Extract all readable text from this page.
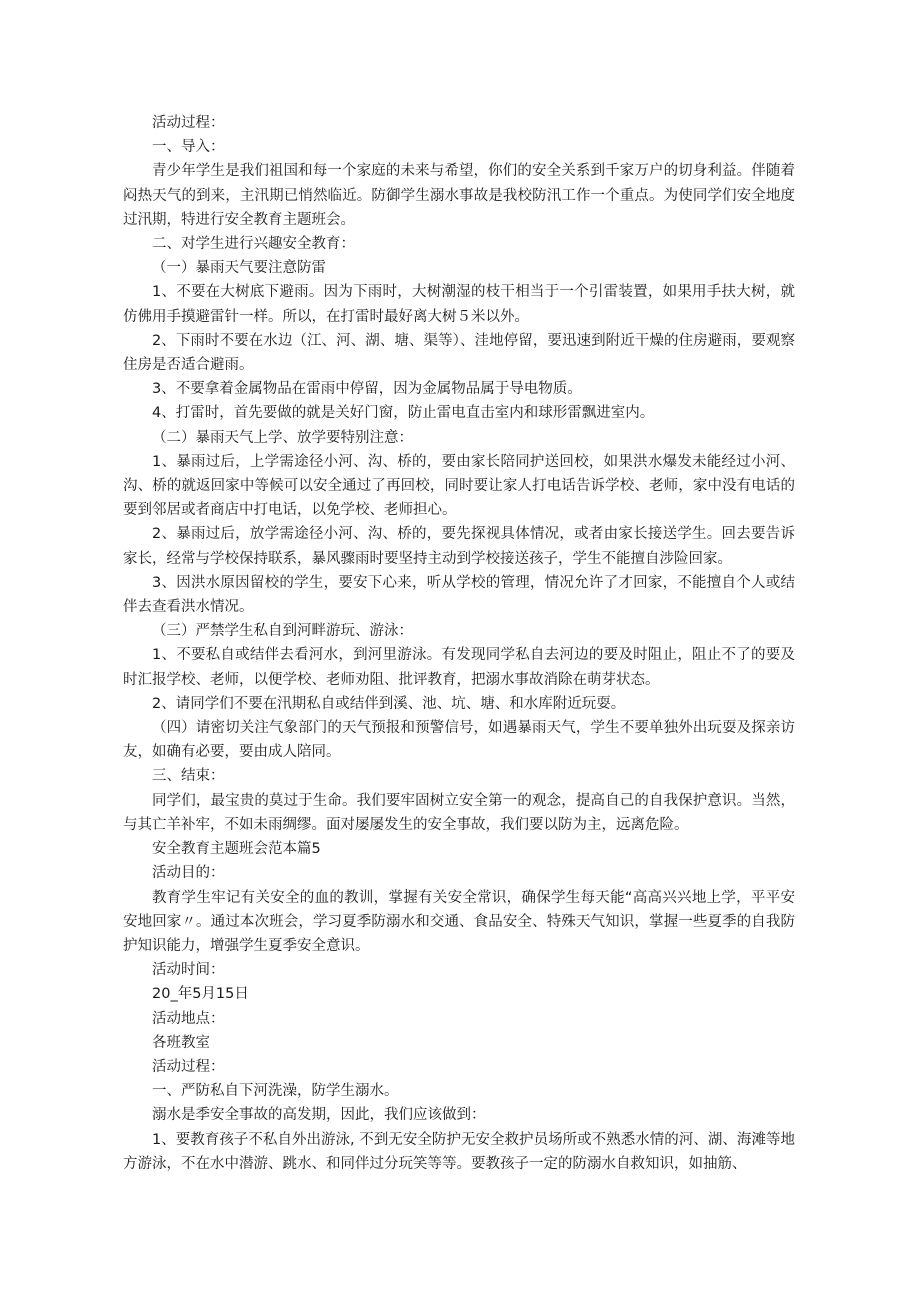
活动过程：

一、导入：

青少年学生是我们祖国和每一个家庭的未来与希望，你们的安全关系到千家万户的切身利益。伴随着闷热天气的到来，主汛期已悄然临近。防御学生溺水事故是我校防汛工作一个重点。为使同学们安全地度过汛期，特进行安全教育主题班会。

二、对学生进行兴趣安全教育：

（一）暴雨天气要注意防雷

1、不要在大树底下避雨。因为下雨时，大树潮湿的枝干相当于一个引雷装置，如果用手扶大树，就仿佛用手摸避雷针一样。所以，在打雷时最好离大树５米以外。

2、下雨时不要在水边（江、河、湖、塘、渠等）、洼地停留，要迅速到附近干燥的住房避雨，要观察住房是否适合避雨。

3、不要拿着金属物品在雷雨中停留，因为金属物品属于导电物质。

4、打雷时，首先要做的就是关好门窗，防止雷电直击室内和球形雷飘进室内。

（二）暴雨天气上学、放学要特别注意：

1、暴雨过后，上学需途径小河、沟、桥的，要由家长陪同护送回校，如果洪水爆发未能经过小河、沟、桥的就返回家中等候可以安全通过了再回校，同时要让家人打电话告诉学校、老师，家中没有电话的要到邻居或者商店中打电话，以免学校、老师担心。

2、暴雨过后，放学需途径小河、沟、桥的，要先探视具体情况，或者由家长接送学生。回去要告诉家长，经常与学校保持联系，暴风骤雨时要坚持主动到学校接送孩子，学生不能擅自涉险回家。

3、因洪水原因留校的学生，要安下心来，听从学校的管理，情况允许了才回家，不能擅自个人或结伴去查看洪水情况。

（三）严禁学生私自到河畔游玩、游泳：

1、不要私自或结伴去看河水，到河里游泳。有发现同学私自去河边的要及时阻止，阻止不了的要及时汇报学校、老师，以便学校、老师劝阻、批评教育，把溺水事故消除在萌芽状态。

2、请同学们不要在汛期私自或结伴到溪、池、坑、塘、和水库附近玩耍。

（四）请密切关注气象部门的天气预报和预警信号，如遇暴雨天气，学生不要单独外出玩耍及探亲访友，如确有必要，要由成人陪同。

三、结束：

同学们，最宝贵的莫过于生命。我们要牢固树立安全第一的观念，提高自己的自我保护意识。当然，与其亡羊补牢，不如未雨绸缪。面对屡屡发生的安全事故，我们要以防为主，远离危险。

安全教育主题班会范本篇5

活动目的：

教育学生牢记有关安全的血的教训，掌握有关安全常识，确保学生每天能“高高兴兴地上学，平平安安地回家〃。通过本次班会，学习夏季防溺水和交通、食品安全、特殊天气知识，掌握一些夏季的自我防护知识能力，增强学生夏季安全意识。

活动时间：

20_年5月15日

活动地点：

各班教室

活动过程：

一、严防私自下河洗澡，防学生溺水。

溺水是季安全事故的高发期，因此，我们应该做到：

1、要教育孩子不私自外出游泳, 不到无安全防护无安全救护员场所或不熟悉水情的河、湖、海滩等地方游泳，不在水中潜游、跳水、和同伴过分玩笑等等。要教孩子一定的防溺水自救知识，如抽筋、
